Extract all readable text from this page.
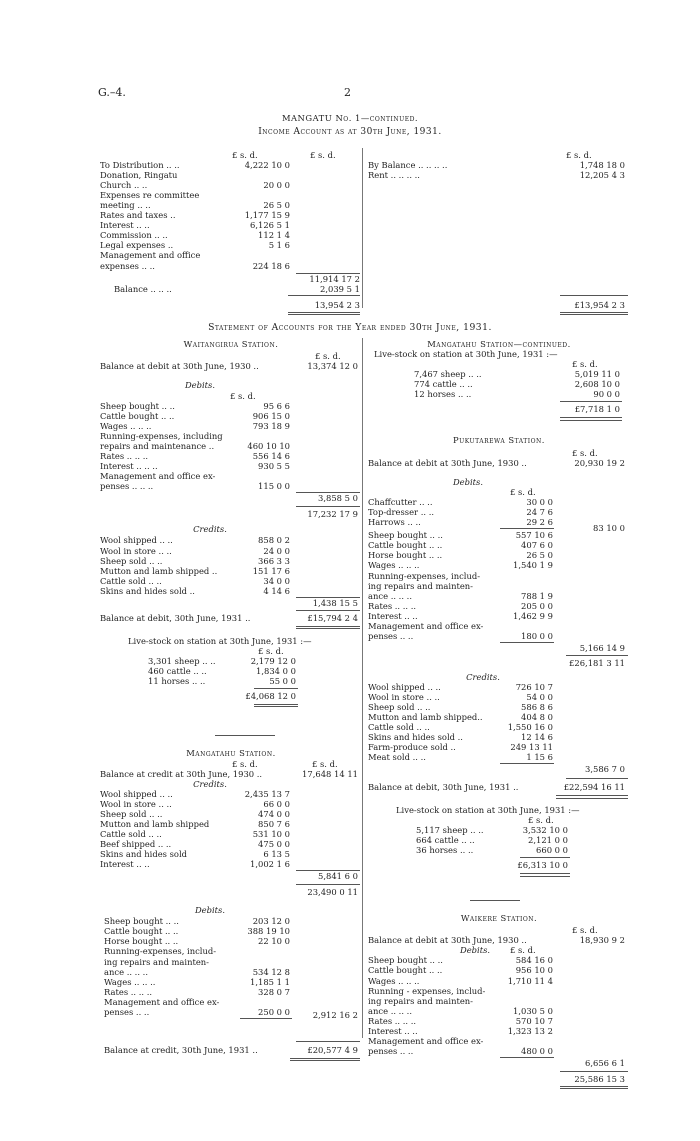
G.–4.	2
MANGATU No. 1—continued.
Income Account as at 30th June, 1931.
£ s. d.	£ s. d.
To Distribution .. ..	4,222 10 0
Donation, Ringatu
Church .. ..	20 0 0
Expenses re committee
meeting .. ..	26 5 0
Rates and taxes ..	1,177 15 9
Interest .. ..	6,126 5 1
Commission .. ..	112 1 4
Legal expenses ..	5 1 6
Management and office
expenses .. ..	224 18 6
11,914 17 2
Balance .. .. ..	2,039 5 1
13,954 2 3
£ s. d.
By Balance .. .. .. ..	1,748 18 0
Rent .. .. .. ..	12,205 4 3
£13,954 2 3
Statement of Accounts for the Year ended 30th June, 1931.
Waitangirua Station.
£ s. d.
Balance at debit at 30th June, 1930 ..	13,374 12 0
Debits.
£ s. d.
Sheep bought .. ..	95 6 6
Cattle bought .. ..	906 15 0
Wages .. .. ..	793 18 9
Running-expenses, including
repairs and maintenance ..	460 10 10
Rates .. .. ..	556 14 6
Interest .. .. ..	930 5 5
Management and office ex-
penses .. .. ..	115 0 0
3,858 5 0
17,232 17 9
Credits.
Wool shipped .. ..	858 0 2
Wool in store .. ..	24 0 0
Sheep sold .. ..	366 3 3
Mutton and lamb shipped ..	151 17 6
Cattle sold .. ..	34 0 0
Skins and hides sold ..	4 14 6
1,438 15 5
Balance at debit, 30th June, 1931 ..	£15,794 2 4
Live-stock on station at 30th June, 1931 :—
£ s. d.
3,301 sheep .. ..	2,179 12 0
460 cattle .. ..	1,834 0 0
11 horses .. ..	55 0 0
£4,068 12 0
Mangatahu Station.
£ s. d.	£ s. d.
Balance at credit at 30th June, 1930 ..	17,648 14 11
Credits.
Wool shipped .. ..	2,435 13 7
Wool in store .. ..	66 0 0
Sheep sold .. ..	474 0 0
Mutton and lamb shipped	850 7 6
Cattle sold .. ..	531 10 0
Beef shipped .. ..	475 0 0
Skins and hides sold	6 13 5
Interest .. ..	1,002 1 6
5,841 6 0
23,490 0 11
Debits.
Sheep bought .. ..	203 12 0
Cattle bought .. ..	388 19 10
Horse bought .. ..	22 10 0
Running-expenses, includ-
ing repairs and mainten-
ance .. .. ..	534 12 8
Wages .. .. ..	1,185 1 1
Rates .. .. ..	328 0 7
Management and office ex-
penses .. ..	250 0 0	2,912 16 2
Balance at credit, 30th June, 1931 ..	£20,577 4 9
Mangatahu Station—continued.
Live-stock on station at 30th June, 1931 :—
£ s. d.
7,467 sheep .. ..	5,019 11 0
774 cattle .. ..	2,608 10 0
12 horses .. ..	90 0 0
£7,718 1 0
Pukutarewa Station.
£ s. d.
Balance at debit at 30th June, 1930 ..	20,930 19 2
Debits.
£ s. d.
Chaffcutter .. ..	30 0 0
Top-dresser .. ..	24 7 6
Harrows .. ..	29 2 6
83 10 0
Sheep bought .. ..	557 10 6
Cattle bought .. ..	407 6 0
Horse bought .. ..	26 5 0
Wages .. .. ..	1,540 1 9
Running-expenses, includ-
ing repairs and mainten-
ance .. .. ..	788 1 9
Rates .. .. ..	205 0 0
Interest .. ..	1,462 9 9
Management and office ex-
penses .. ..	180 0 0
5,166 14 9
£26,181 3 11
Credits.
Wool shipped .. ..	726 10 7
Wool in store .. ..	54 0 0
Sheep sold .. ..	586 8 6
Mutton and lamb shipped..	404 8 0
Cattle sold .. ..	1,550 16 0
Skins and hides sold ..	12 14 6
Farm-produce sold ..	249 13 11
Meat sold .. ..	1 15 6
3,586 7 0
Balance at debit, 30th June, 1931 ..	£22,594 16 11
Live-stock on station at 30th June, 1931 :—
£ s. d.
5,117 sheep .. ..	3,532 10 0
664 cattle .. ..	2,121 0 0
36 horses .. ..	660 0 0
£6,313 10 0
Waikere Station.
£ s. d.
Balance at debit at 30th June, 1930 ..	18,930 9 2
Debits. £ s. d.
Sheep bought .. ..	584 16 0
Cattle bought .. ..	956 10 0
Wages .. .. ..	1,710 11 4
Running - expenses, includ-
ing repairs and mainten-
ance .. .. ..	1,030 5 0
Rates .. .. ..	570 10 7
Interest .. ..	1,323 13 2
Management and office ex-
penses .. ..	480 0 0
6,656 6 1
25,586 15 3
